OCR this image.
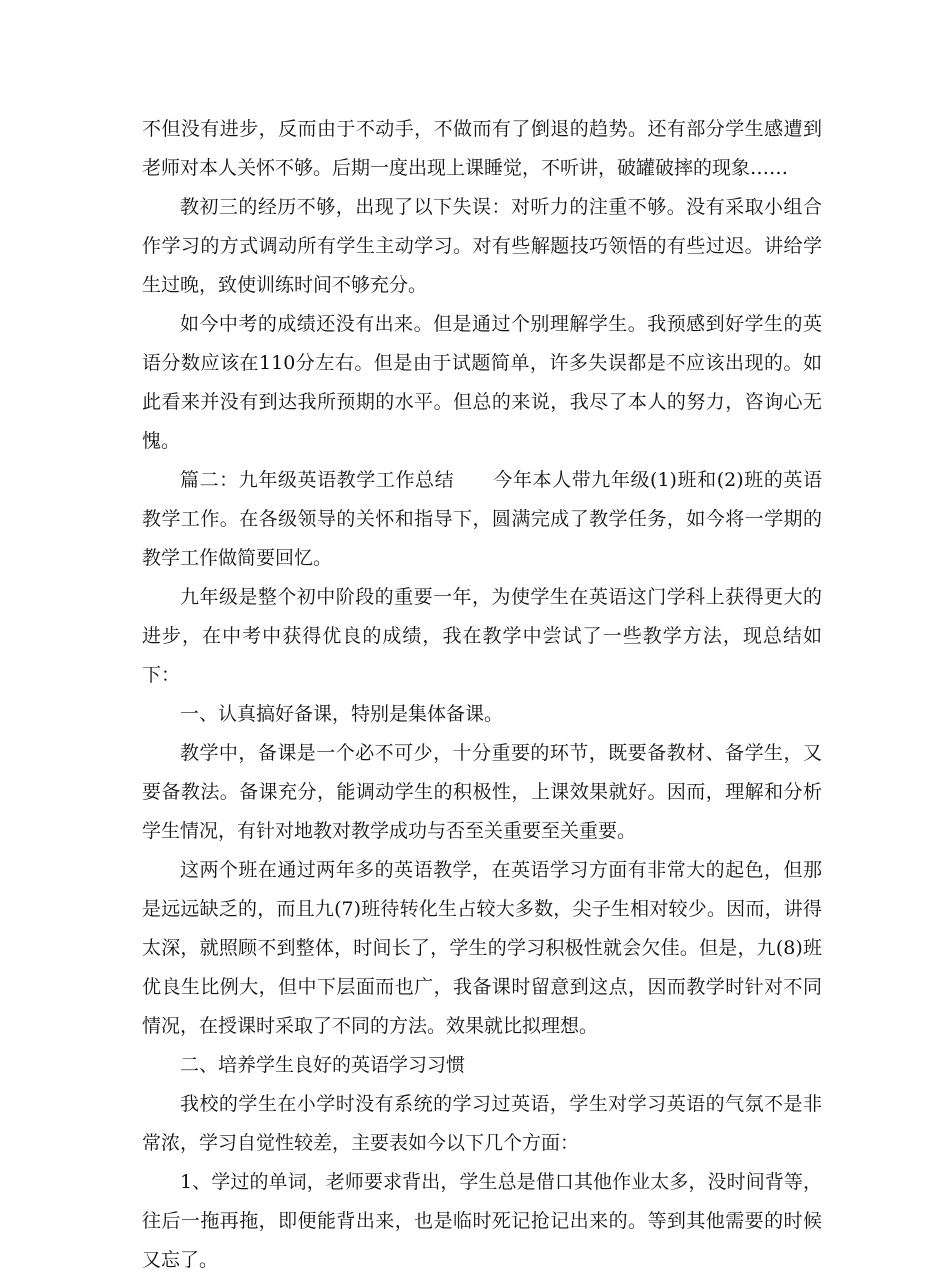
不但没有进步，反而由于不动手，不做而有了倒退的趋势。还有部分学生感遭到老师对本人关怀不够。后期一度出现上课睡觉，不听讲，破罐破摔的现象……

教初三的经历不够，出现了以下失误：对听力的注重不够。没有采取小组合作学习的方式调动所有学生主动学习。对有些解题技巧领悟的有些过迟。讲给学生过晚，致使训练时间不够充分。

如今中考的成绩还没有出来。但是通过个别理解学生。我预感到好学生的英语分数应该在110分左右。但是由于试题简单，许多失误都是不应该出现的。如此看来并没有到达我所预期的水平。但总的来说，我尽了本人的努力，咨询心无愧。

篇二：九年级英语教学工作总结　　今年本人带九年级(1)班和(2)班的英语教学工作。在各级领导的关怀和指导下，圆满完成了教学任务，如今将一学期的教学工作做简要回忆。

九年级是整个初中阶段的重要一年，为使学生在英语这门学科上获得更大的进步，在中考中获得优良的成绩，我在教学中尝试了一些教学方法，现总结如下：

一、认真搞好备课，特别是集体备课。

教学中，备课是一个必不可少，十分重要的环节，既要备教材、备学生，又要备教法。备课充分，能调动学生的积极性，上课效果就好。因而，理解和分析学生情况，有针对地教对教学成功与否至关重要至关重要。

这两个班在通过两年多的英语教学，在英语学习方面有非常大的起色，但那是远远缺乏的，而且九(7)班待转化生占较大多数，尖子生相对较少。因而，讲得太深，就照顾不到整体，时间长了，学生的学习积极性就会欠佳。但是，九(8)班优良生比例大，但中下层面而也广，我备课时留意到这点，因而教学时针对不同情况，在授课时采取了不同的方法。效果就比拟理想。

二、培养学生良好的英语学习习惯

我校的学生在小学时没有系统的学习过英语，学生对学习英语的气氛不是非常浓，学习自觉性较差，主要表如今以下几个方面：

1、学过的单词，老师要求背出，学生总是借口其他作业太多，没时间背等，往后一拖再拖，即便能背出来，也是临时死记抢记出来的。等到其他需要的时候又忘了。
